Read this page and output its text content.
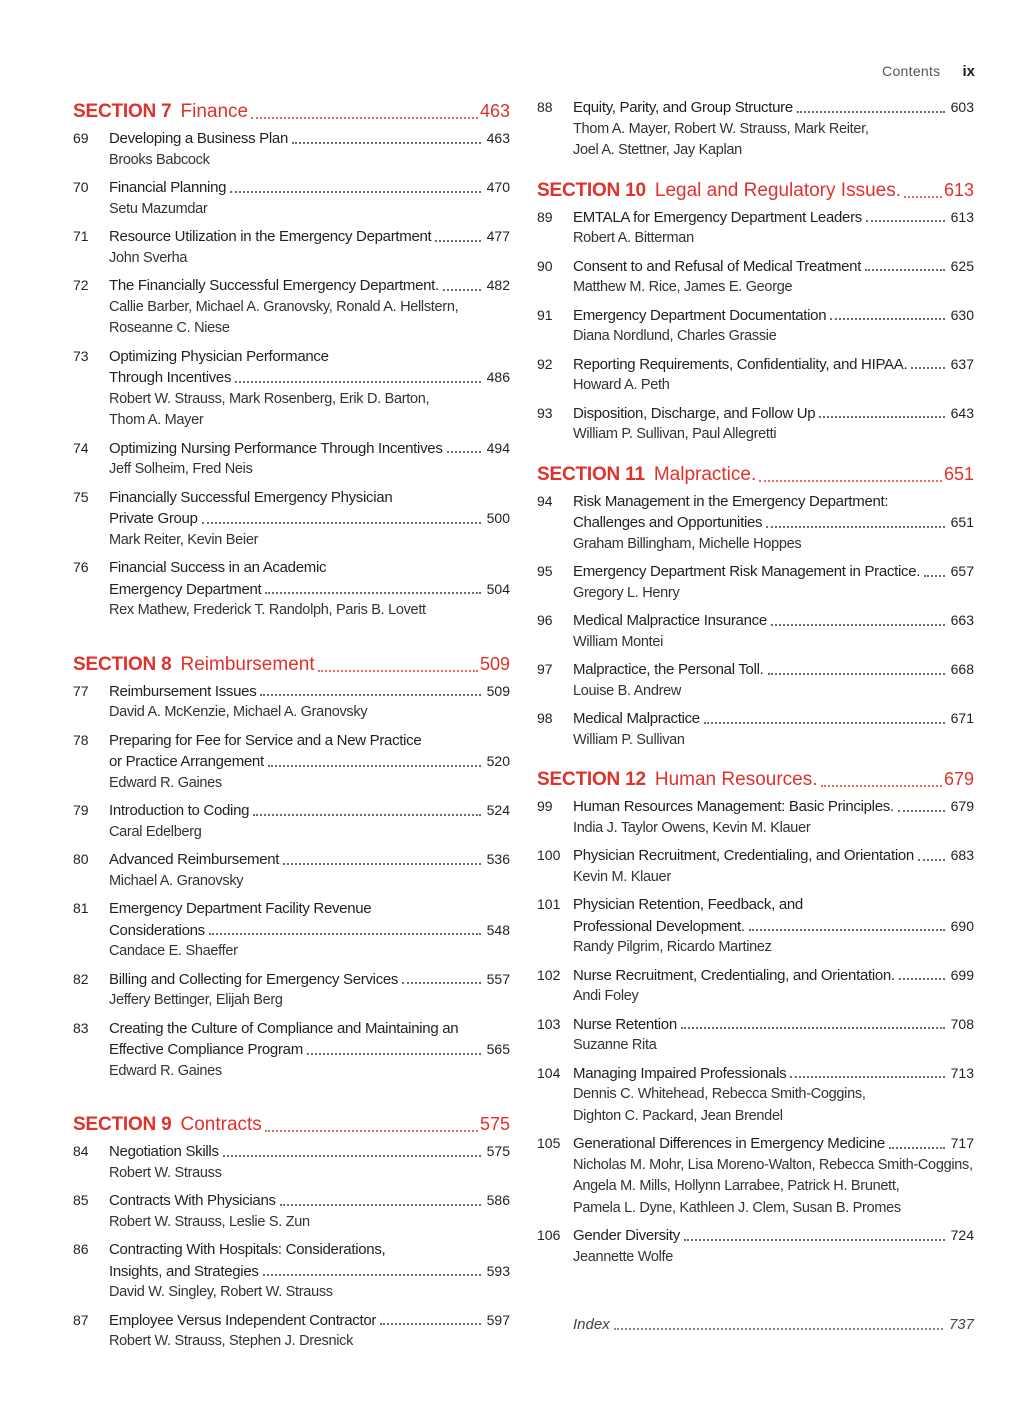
Contents ix
SECTION 7 Finance	463
69	Developing a Business Plan	463
Brooks Babcock
70	Financial Planning	470
Setu Mazumdar
71	Resource Utilization in the Emergency Department	477
John Sverha
72	The Financially Successful Emergency Department.	482
Callie Barber, Michael A. Granovsky, Ronald A. Hellstern,
Roseanne C. Niese
73	Optimizing Physician Performance
Through Incentives	486
Robert W. Strauss, Mark Rosenberg, Erik D. Barton,
Thom A. Mayer
74	Optimizing Nursing Performance Through Incentives	494
Jeff Solheim, Fred Neis
75	Financially Successful Emergency Physician
Private Group	500
Mark Reiter, Kevin Beier
76	Financial Success in an Academic
Emergency Department	504
Rex Mathew, Frederick T. Randolph, Paris B. Lovett
SECTION 8 Reimbursement	509
77	Reimbursement Issues	509
David A. McKenzie, Michael A. Granovsky
78	Preparing for Fee for Service and a New Practice
or Practice Arrangement	520
Edward R. Gaines
79	Introduction to Coding	524
Caral Edelberg
80	Advanced Reimbursement	536
Michael A. Granovsky
81	Emergency Department Facility Revenue
Considerations	548
Candace E. Shaeffer
82	Billing and Collecting for Emergency Services	557
Jeffery Bettinger, Elijah Berg
83	Creating the Culture of Compliance and Maintaining an
Effective Compliance Program	565
Edward R. Gaines
SECTION 9 Contracts	575
84	Negotiation Skills	575
Robert W. Strauss
85	Contracts With Physicians	586
Robert W. Strauss, Leslie S. Zun
86	Contracting With Hospitals: Considerations,
Insights, and Strategies	593
David W. Singley, Robert W. Strauss
87	Employee Versus Independent Contractor	597
Robert W. Strauss, Stephen J. Dresnick
88	Equity, Parity, and Group Structure	603
Thom A. Mayer, Robert W. Strauss, Mark Reiter,
Joel A. Stettner, Jay Kaplan
SECTION 10 Legal and Regulatory Issues. 613
89	EMTALA for Emergency Department Leaders	613
Robert A. Bitterman
90	Consent to and Refusal of Medical Treatment	625
Matthew M. Rice, James E. George
91	Emergency Department Documentation	630
Diana Nordlund, Charles Grassie
92	Reporting Requirements, Confidentiality, and HIPAA.	637
Howard A. Peth
93	Disposition, Discharge, and Follow Up	643
William P. Sullivan, Paul Allegretti
SECTION 11 Malpractice.	651
94	Risk Management in the Emergency Department:
Challenges and Opportunities	651
Graham Billingham, Michelle Hoppes
95	Emergency Department Risk Management in Practice. 657
Gregory L. Henry
96	Medical Malpractice Insurance	663
William Montei
97	Malpractice, the Personal Toll.	668
Louise B. Andrew
98	Medical Malpractice	671
William P. Sullivan
SECTION 12 Human Resources.	679
99	Human Resources Management: Basic Principles.	679
India J. Taylor Owens, Kevin M. Klauer
100 Physician Recruitment, Credentialing, and Orientation	683
Kevin M. Klauer
101 Physician Retention, Feedback, and
Professional Development.	690
Randy Pilgrim, Ricardo Martinez
102 Nurse Recruitment, Credentialing, and Orientation.	699
Andi Foley
103 Nurse Retention	708
Suzanne Rita
104 Managing Impaired Professionals	713
Dennis C. Whitehead, Rebecca Smith-Coggins,
Dighton C. Packard, Jean Brendel
105 Generational Differences in Emergency Medicine	717
Nicholas M. Mohr, Lisa Moreno-Walton, Rebecca Smith-Coggins,
Angela M. Mills, Hollynn Larrabee, Patrick H. Brunett,
Pamela L. Dyne, Kathleen J. Clem, Susan B. Promes
106 Gender Diversity	724
Jeannette Wolfe
Index	737
